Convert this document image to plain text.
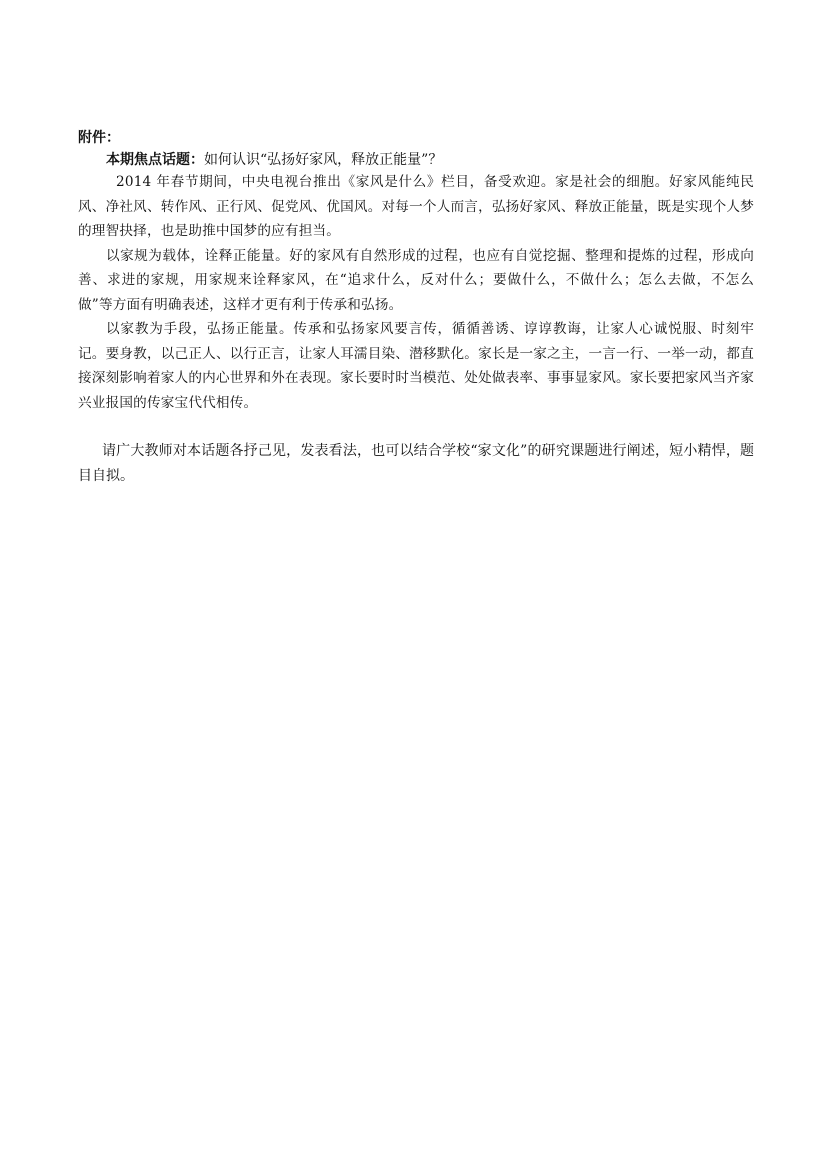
附件：

本期焦点话题：如何认识“弘扬好家风，释放正能量”？

2014 年春节期间，中央电视台推出《家风是什么》栏目，备受欢迎。家是社会的细胞。好家风能纯民风、净社风、转作风、正行风、促党风、优国风。对每一个人而言，弘扬好家风、释放正能量，既是实现个人梦的理智抉择，也是助推中国梦的应有担当。

以家规为载体，诠释正能量。好的家风有自然形成的过程，也应有自觉挖掘、整理和提炼的过程，形成向善、求进的家规，用家规来诠释家风，在“追求什么，反对什么；要做什么，不做什么；怎么去做，不怎么做”等方面有明确表述，这样才更有利于传承和弘扬。

以家教为手段，弘扬正能量。传承和弘扬家风要言传，循循善诱、谆谆教诲，让家人心诚悦服、时刻牢记。要身教，以己正人、以行正言，让家人耳濡目染、潜移默化。家长是一家之主，一言一行、一举一动，都直接深刻影响着家人的内心世界和外在表现。家长要时时当模范、处处做表率、事事显家风。家长要把家风当齐家兴业报国的传家宝代代相传。

请广大教师对本话题各抒己见，发表看法，也可以结合学校“家文化”的研究课题进行阐述，短小精悍，题目自拟。
